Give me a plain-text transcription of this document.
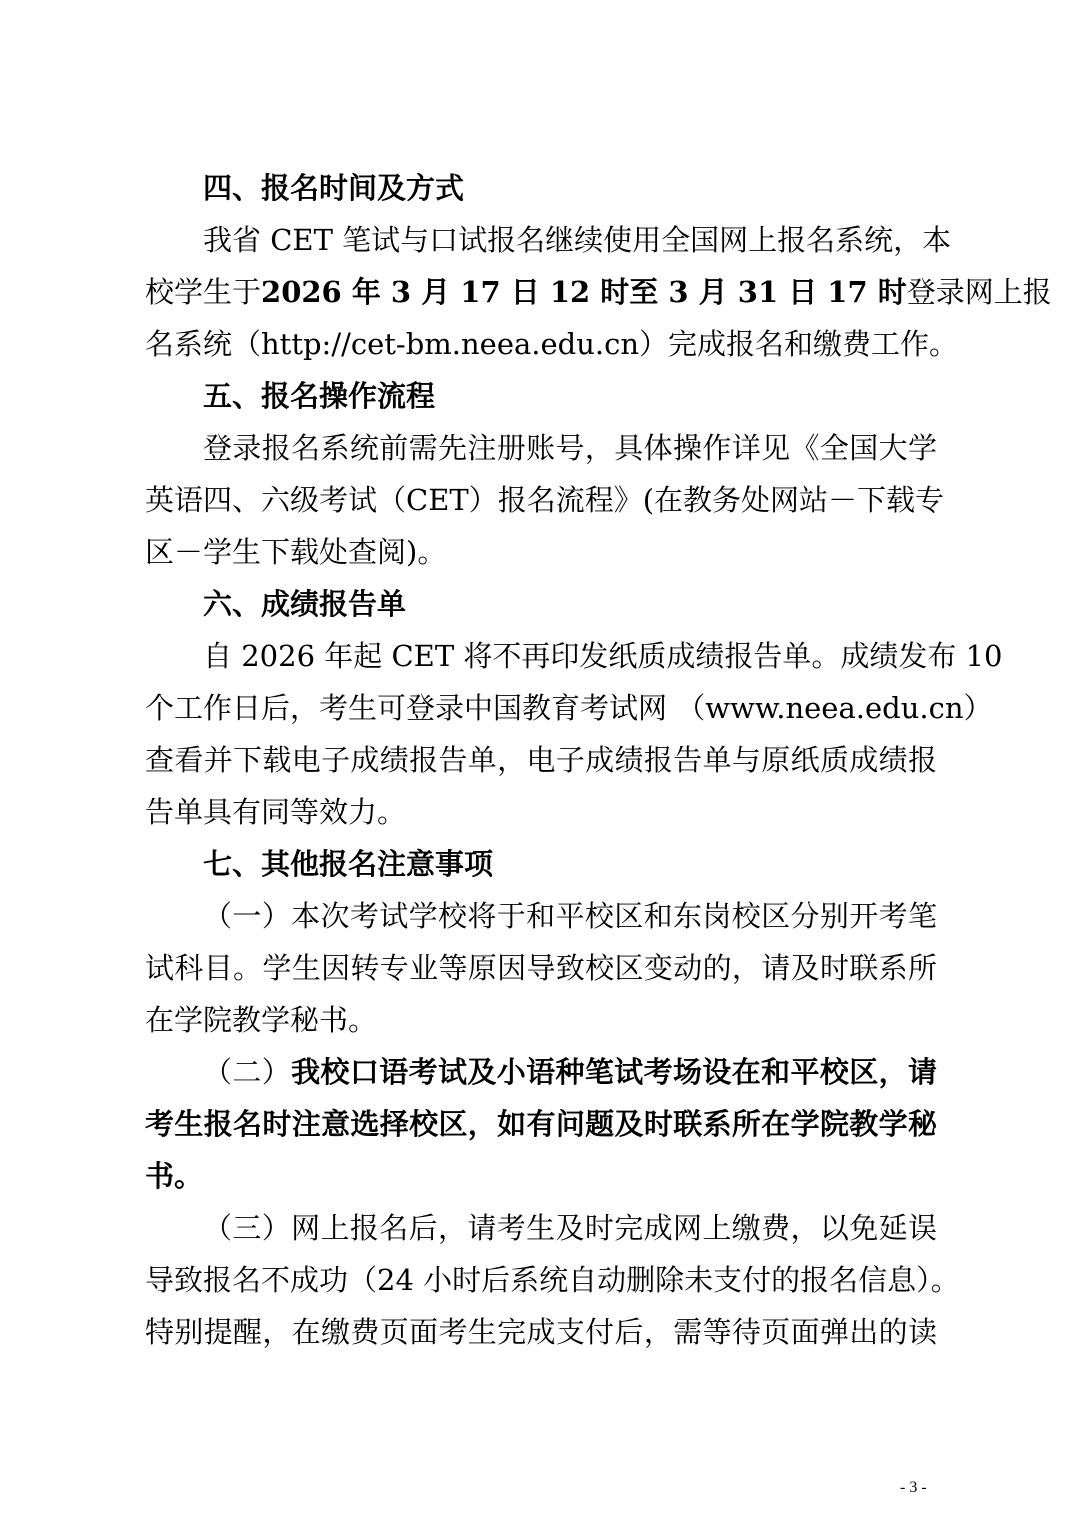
四、报名时间及方式
我省 CET 笔试与口试报名继续使用全国网上报名系统，本
校学生于2026 年 3 月 17 日 12 时至 3 月 31 日 17 时登录网上报
名系统（http://cet-bm.neea.edu.cn）完成报名和缴费工作。
五、报名操作流程
登录报名系统前需先注册账号，具体操作详见《全国大学
英语四、六级考试（CET）报名流程》(在教务处网站－下载专
区－学生下载处查阅)。
六、成绩报告单
自 2026 年起 CET 将不再印发纸质成绩报告单。成绩发布 10
个工作日后，考生可登录中国教育考试网 （www.neea.edu.cn）
查看并下载电子成绩报告单，电子成绩报告单与原纸质成绩报
告单具有同等效力。
七、其他报名注意事项
（一）本次考试学校将于和平校区和东岗校区分别开考笔
试科目。学生因转专业等原因导致校区变动的，请及时联系所
在学院教学秘书。
（二）我校口语考试及小语种笔试考场设在和平校区，请
考生报名时注意选择校区，如有问题及时联系所在学院教学秘
书。
（三）网上报名后，请考生及时完成网上缴费，以免延误
导致报名不成功（24 小时后系统自动删除未支付的报名信息）。
特别提醒，在缴费页面考生完成支付后，需等待页面弹出的读
- 3 -
